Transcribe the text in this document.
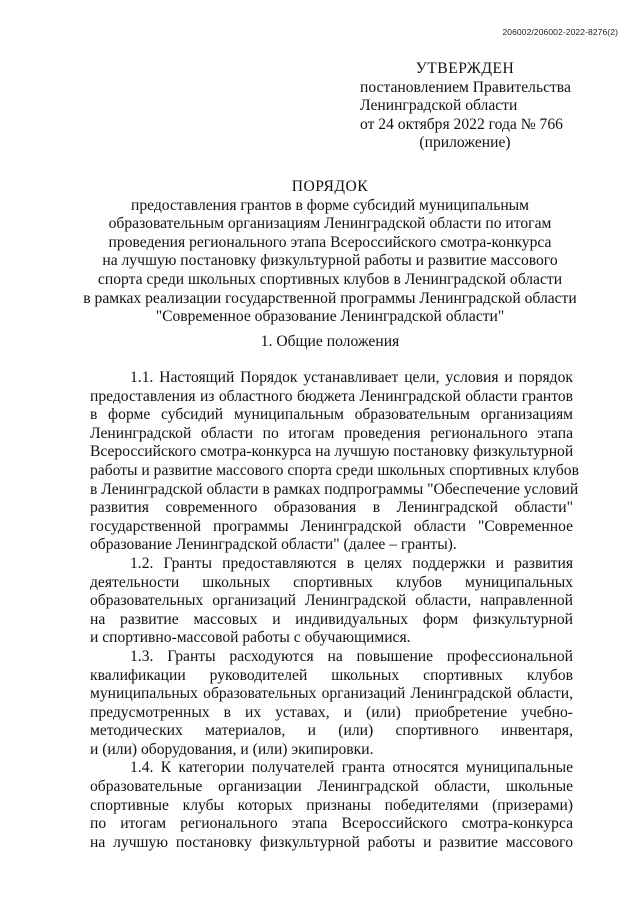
206002/206002-2022-8276(2)
УТВЕРЖДЕН
постановлением Правительства
Ленинградской области
от 24 октября 2022 года № 766
(приложение)
ПОРЯДОК
предоставления грантов в форме субсидий муниципальным
образовательным организациям Ленинградской области по итогам
проведения регионального этапа Всероссийского смотра-конкурса
на лучшую постановку физкультурной работы и развитие массового
спорта среди школьных спортивных клубов в Ленинградской области
в рамках реализации государственной программы Ленинградской области
"Современное образование Ленинградской области"
1. Общие положения
1.1. Настоящий Порядок устанавливает цели, условия и порядок
предоставления из областного бюджета Ленинградской области грантов
в форме субсидий муниципальным образовательным организациям
Ленинградской области по итогам проведения регионального этапа
Всероссийского смотра-конкурса на лучшую постановку физкультурной
работы и развитие массового спорта среди школьных спортивных клубов
в Ленинградской области в рамках подпрограммы "Обеспечение условий
развития современного образования в Ленинградской области"
государственной программы Ленинградской области "Современное
образование Ленинградской области" (далее – гранты).
1.2. Гранты предоставляются в целях поддержки и развития
деятельности школьных спортивных клубов муниципальных
образовательных организаций Ленинградской области, направленной
на развитие массовых и индивидуальных форм физкультурной
и спортивно-массовой работы с обучающимися.
1.3. Гранты расходуются на повышение профессиональной
квалификации руководителей школьных спортивных клубов
муниципальных образовательных организаций Ленинградской области,
предусмотренных в их уставах, и (или) приобретение учебно-
методических материалов, и (или) спортивного инвентаря,
и (или) оборудования, и (или) экипировки.
1.4. К категории получателей гранта относятся муниципальные
образовательные организации Ленинградской области, школьные
спортивные клубы которых признаны победителями (призерами)
по итогам регионального этапа Всероссийского смотра-конкурса
на лучшую постановку физкультурной работы и развитие массового
